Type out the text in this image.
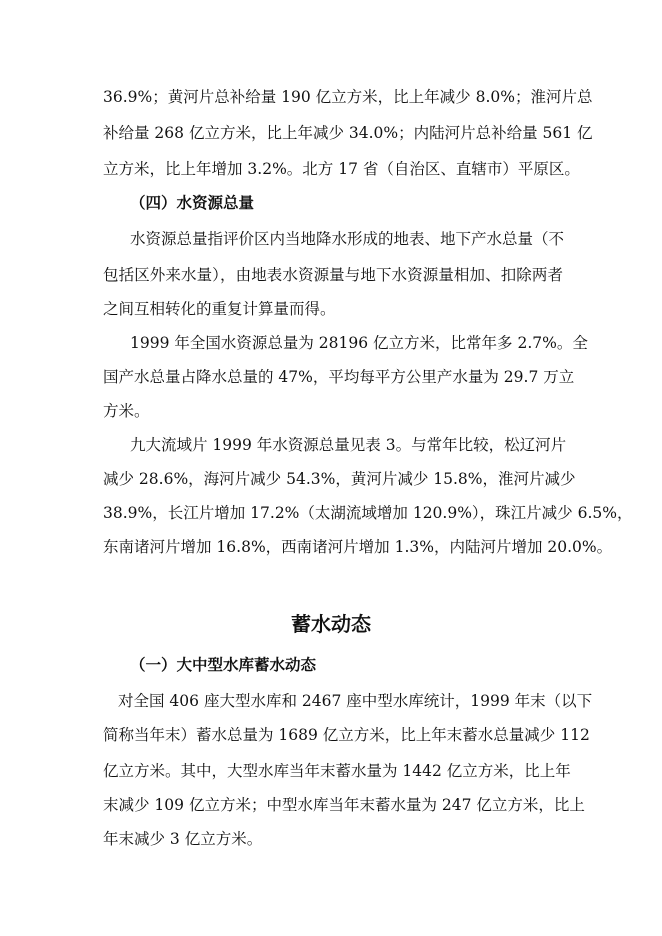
36.9%；黄河片总补给量 190 亿立方米，比上年减少 8.0%；淮河片总
补给量 268 亿立方米，比上年减少 34.0%；内陆河片总补给量 561 亿
立方米，比上年增加 3.2%。北方 17 省（自治区、直辖市）平原区。
（四）水资源总量
水资源总量指评价区内当地降水形成的地表、地下产水总量（不
包括区外来水量），由地表水资源量与地下水资源量相加、扣除两者
之间互相转化的重复计算量而得。
1999 年全国水资源总量为 28196 亿立方米，比常年多 2.7%。全
国产水总量占降水总量的 47%，平均每平方公里产水量为 29.7 万立
方米。
九大流域片 1999 年水资源总量见表 3。与常年比较，松辽河片
减少 28.6%，海河片减少 54.3%，黄河片减少 15.8%，淮河片减少
38.9%，长江片增加 17.2%（太湖流域增加 120.9%），珠江片减少 6.5%，
东南诸河片增加 16.8%，西南诸河片增加 1.3%，内陆河片增加 20.0%。
蓄水动态
（一）大中型水库蓄水动态
对全国 406 座大型水库和 2467 座中型水库统计，1999 年末（以下
简称当年末）蓄水总量为 1689 亿立方米，比上年末蓄水总量减少 112
亿立方米。其中，大型水库当年末蓄水量为 1442 亿立方米，比上年
末减少 109 亿立方米；中型水库当年末蓄水量为 247 亿立方米，比上
年末减少 3 亿立方米。
